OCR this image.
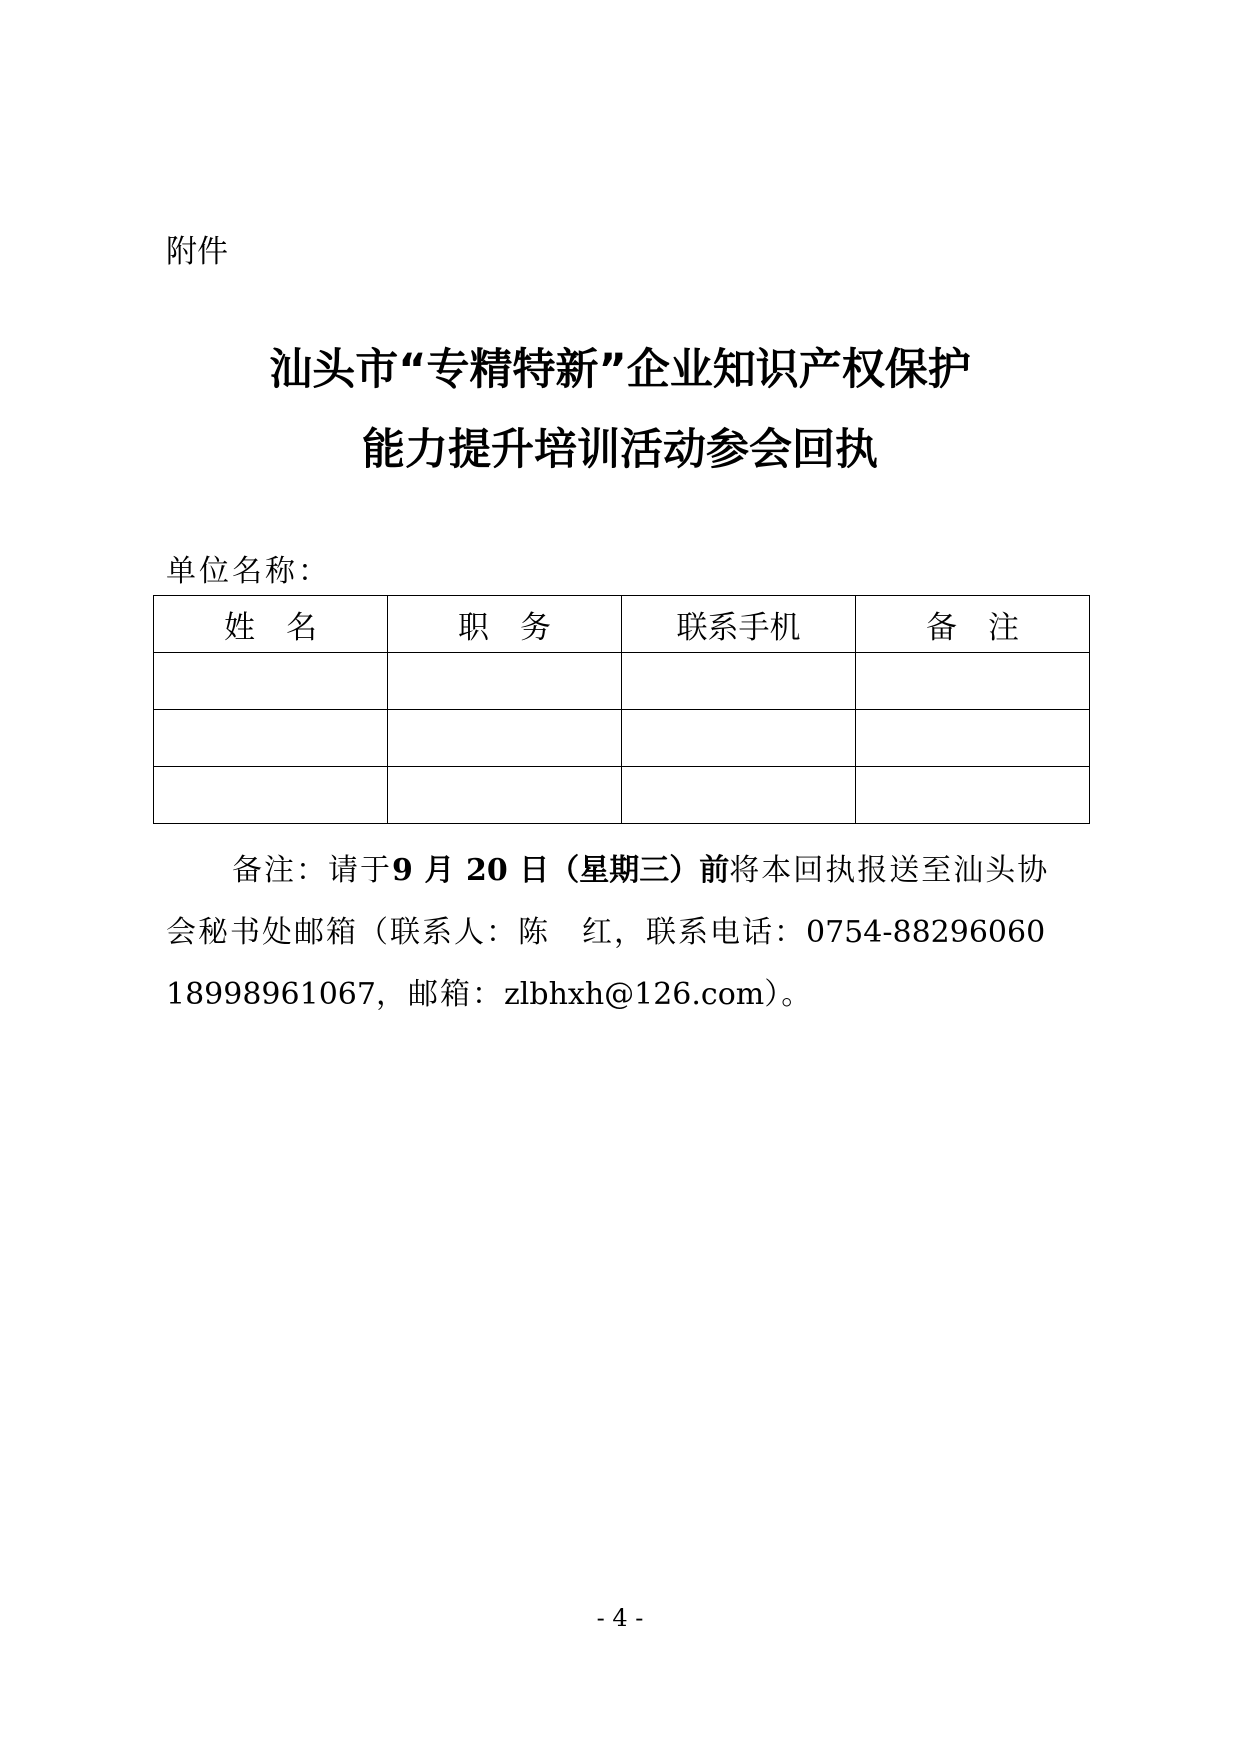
附件
汕头市“专精特新”企业知识产权保护
能力提升培训活动参会回执
单位名称：
姓　名	职　务	联系手机	备　注

备注：请于9 月 20 日（星期三）前将本回执报送至汕头协
会秘书处邮箱（联系人：陈　红，联系电话：0754-88296060
18998961067，邮箱：zlbhxh@126.com）。
- 4 -
